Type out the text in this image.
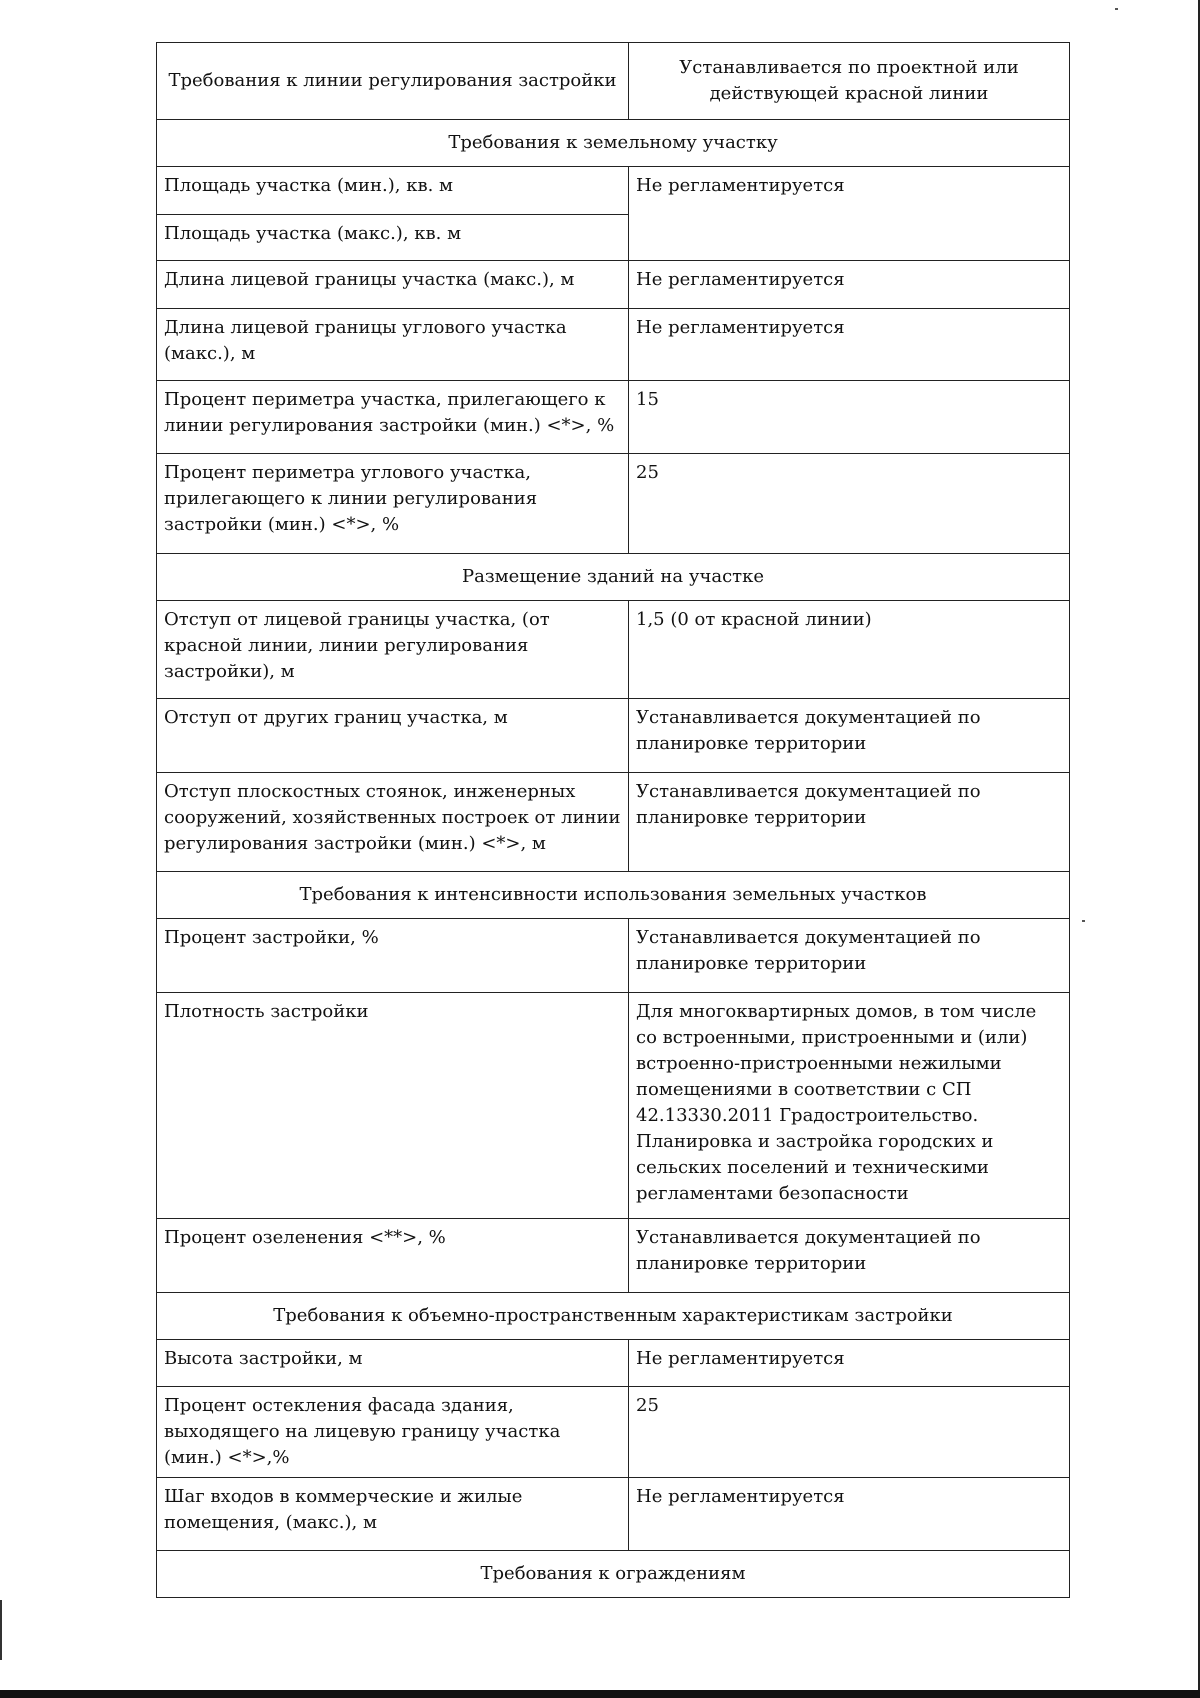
Требования к линии регулирования застройки	Устанавливается по проектной или действующей красной линии
Требования к земельному участку	
Площадь участка (мин.), кв. м	Не регламентируется
Площадь участка (макс.), кв. м	
Длина лицевой границы участка (макс.), м	Не регламентируется
Длина лицевой границы углового участка (макс.), м	Не регламентируется
Процент периметра участка, прилегающего к линии регулирования застройки (мин.) <*>, %	15
Процент периметра углового участка, прилегающего к линии регулирования застройки (мин.) <*>, %	25
Размещение зданий на участке	
Отступ от лицевой границы участка, (от красной линии, линии регулирования застройки), м	1,5 (0 от красной линии)
Отступ от других границ участка, м	Устанавливается документацией по планировке территории
Отступ плоскостных стоянок, инженерных сооружений, хозяйственных построек от линии регулирования застройки (мин.) <*>, м	Устанавливается документацией по планировке территории
Требования к интенсивности использования земельных участков	
Процент застройки, %	Устанавливается документацией по планировке территории
Плотность застройки	Для многоквартирных домов, в том числе со встроенными, пристроенными и (или) встроенно-пристроенными нежилыми помещениями в соответствии с СП 42.13330.2011 Градостроительство. Планировка и застройка городских и сельских поселений и техническими регламентами безопасности
Процент озеленения <**>, %	Устанавливается документацией по планировке территории
Требования к объемно-пространственным характеристикам застройки	
Высота застройки, м	Не регламентируется
Процент остекления фасада здания, выходящего на лицевую границу участка (мин.) <*>,%	25
Шаг входов в коммерческие и жилые помещения, (макс.), м	Не регламентируется
Требования к ограждениям	
